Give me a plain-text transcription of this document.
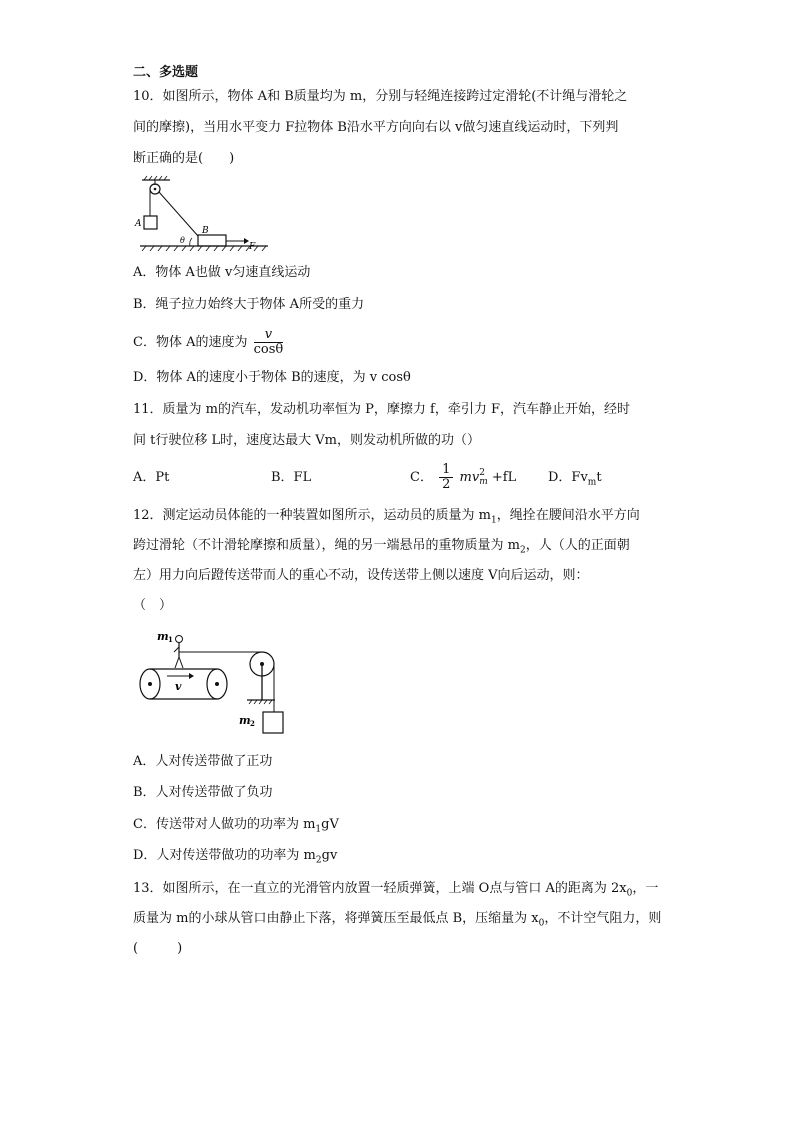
二、多选题
10．如图所示，物体 A和 B质量均为 m，分别与轻绳连接跨过定滑轮(不计绳与滑轮之
间的摩擦)，当用水平变力 F拉物体 B沿水平方向向右以 v做匀速直线运动时，下列判
断正确的是(　　)
A
B
θ
F
A．物体 A也做 v匀速直线运动
B．绳子拉力始终大于物体 A所受的重力
C．物体 A的速度为 $\frac{v}{\cos\theta}$
D．物体 A的速度小于物体 B的速度，为 v cosθ
11．质量为 m的汽车，发动机功率恒为 P，摩擦力 f，牵引力 F，汽车静止开始，经时
间 t行驶位移 L时，速度达最大 Vm，则发动机所做的功（）
A．Pt	B．FL	C． $\frac{1}{2}$ mv 2
m +fL D．$Fv_mt$
12．测定运动员体能的一种装置如图所示，运动员的质量为 $m_1$，绳拴在腰间沿水平方向
跨过滑轮（不计滑轮摩擦和质量），绳的另一端悬吊的重物质量为 $m_2$，人（人的正面朝
左）用力向后蹬传送带而人的重心不动，设传送带上侧以速度 V向后运动，则：
（　）
m 1
v
m 2
A．人对传送带做了正功
B．人对传送带做了负功
C．传送带对人做功的功率为 $m_1gV$
D．人对传送带做功的功率为 $m_2gv$
13．如图所示，在一直立的光滑管内放置一轻质弹簧，上端 O点与管口 A的距离为 $2x_0$，一
质量为 m的小球从管口由静止下落，将弹簧压至最低点 B，压缩量为 $x_0$，不计空气阻力，则
(　　　)
